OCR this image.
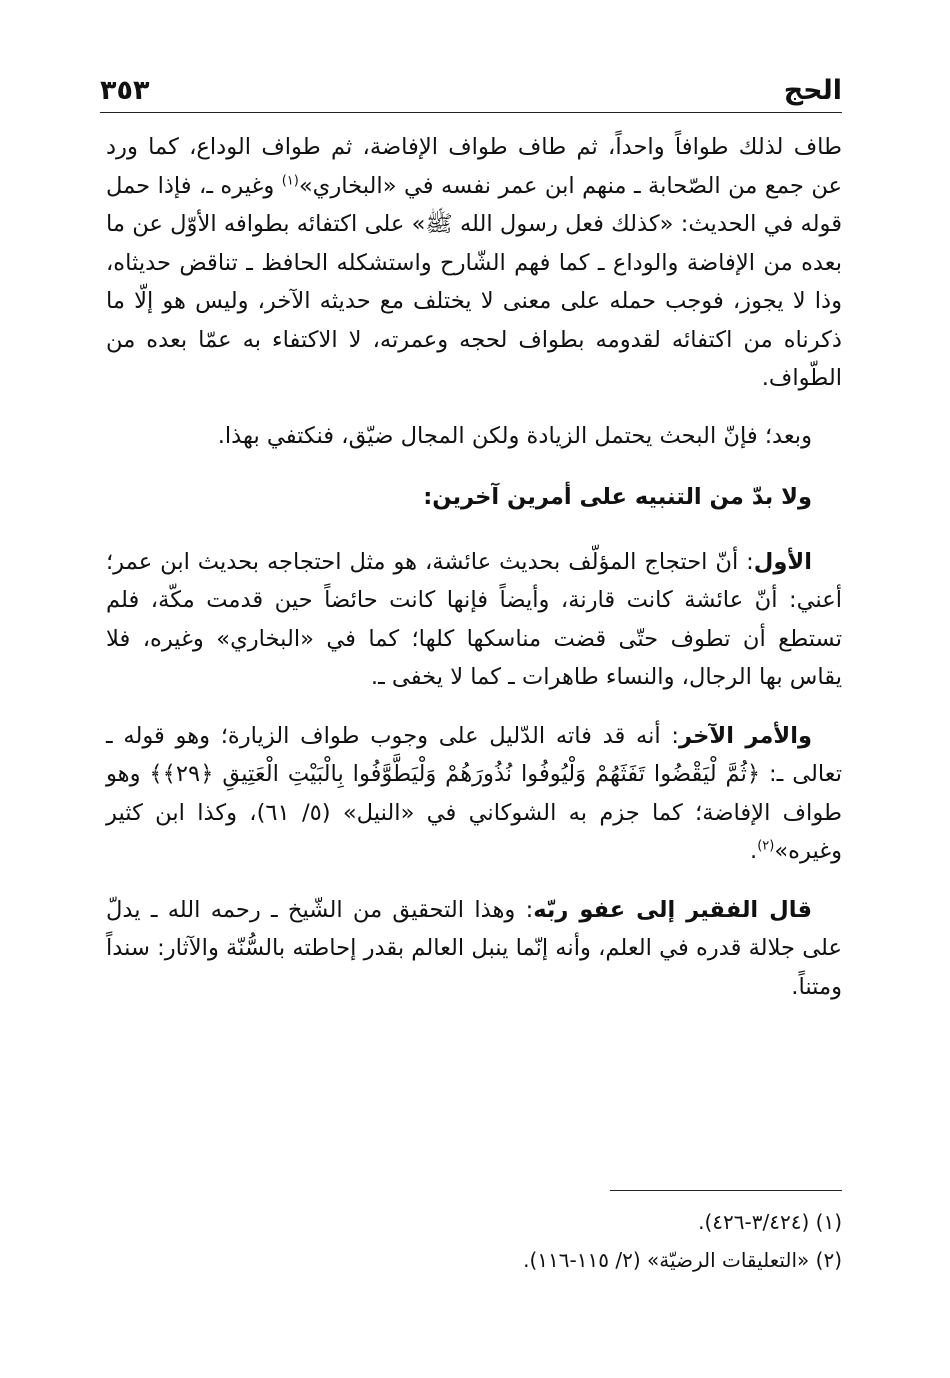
٣٥٣	الحج

طاف لذلك طوافاً واحداً، ثم طاف طواف الإفاضة، ثم طواف الوداع، كما ورد عن جمع من الصّحابة ـ منهم ابن عمر نفسه في «البخاري»$^{(١)}$ وغيره ـ، فإذا حمل قوله في الحديث: «كذلك فعل رسول الله ﷺ» على اكتفائه بطوافه الأوّل عن ما بعده من الإفاضة والوداع ـ كما فهم الشّارح واستشكله الحافظ ـ تناقض حديثاه، وذا لا يجوز، فوجب حمله على معنى لا يختلف مع حديثه الآخر، وليس هو إلّا ما ذكرناه من اكتفائه لقدومه بطواف لحجه وعمرته، لا الاكتفاء به عمّا بعده من الطّواف.

وبعد؛ فإنّ البحث يحتمل الزيادة ولكن المجال ضيّق، فنكتفي بهذا.

ولا بدّ من التنبيه على أمرين آخرين:

الأول: أنّ احتجاج المؤلّف بحديث عائشة، هو مثل احتجاجه بحديث ابن عمر؛ أعني: أنّ عائشة كانت قارنة، وأيضاً فإنها كانت حائضاً حين قدمت مكّة، فلم تستطع أن تطوف حتّى قضت مناسكها كلها؛ كما في «البخاري» وغيره، فلا يقاس بها الرجال، والنساء طاهرات ـ كما لا يخفى ـ.

والأمر الآخر: أنه قد فاته الدّليل على وجوب طواف الزيارة؛ وهو قوله ـ تعالى ـ: ﴿ثُمَّ لْيَقْضُوا تَفَثَهُمْ وَلْيُوفُوا نُذُورَهُمْ وَلْيَطَّوَّفُوا بِالْبَيْتِ الْعَتِيقِ ﴿٢٩﴾﴾ وهو طواف الإفاضة؛ كما جزم به الشوكاني في «النيل» (٥/ ٦١)، وكذا ابن كثير وغيره»$^{(٢)}$.

قال الفقير إلى عفو ربّه: وهذا التحقيق من الشّيخ ـ رحمه الله ـ يدلّ على جلالة قدره في العلم، وأنه إنّما ينبل العالم بقدر إحاطته بالسُّنّة والآثار: سنداً ومتناً.

(١) (٣/٤٢٤-٤٢٦).
(٢) «التعليقات الرضيّة» (٢/ ١١٥-١١٦).
